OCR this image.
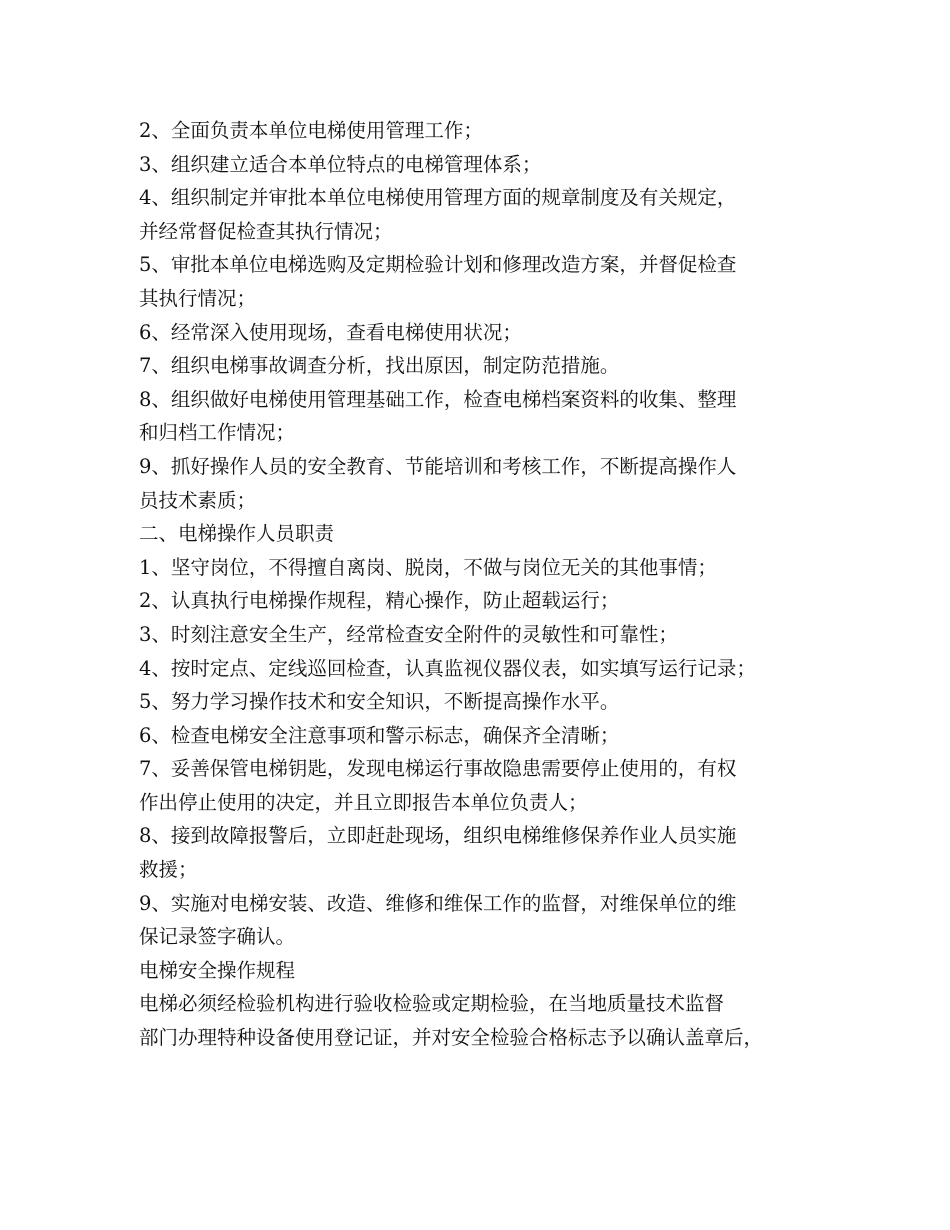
2、全面负责本单位电梯使用管理工作；
3、组织建立适合本单位特点的电梯管理体系；
4、组织制定并审批本单位电梯使用管理方面的规章制度及有关规定，
并经常督促检查其执行情况；
5、审批本单位电梯选购及定期检验计划和修理改造方案，并督促检查
其执行情况；
6、经常深入使用现场，查看电梯使用状况；
7、组织电梯事故调查分析，找出原因，制定防范措施。
8、组织做好电梯使用管理基础工作，检查电梯档案资料的收集、整理
和归档工作情况；
9、抓好操作人员的安全教育、节能培训和考核工作，不断提高操作人
员技术素质；
二、电梯操作人员职责
1、坚守岗位，不得擅自离岗、脱岗，不做与岗位无关的其他事情；
2、认真执行电梯操作规程，精心操作，防止超载运行；
3、时刻注意安全生产，经常检查安全附件的灵敏性和可靠性；
4、按时定点、定线巡回检查，认真监视仪器仪表，如实填写运行记录；
5、努力学习操作技术和安全知识，不断提高操作水平。
6、检查电梯安全注意事项和警示标志，确保齐全清晰；
7、妥善保管电梯钥匙，发现电梯运行事故隐患需要停止使用的，有权
作出停止使用的决定，并且立即报告本单位负责人；
8、接到故障报警后，立即赶赴现场，组织电梯维修保养作业人员实施
救援；
9、实施对电梯安装、改造、维修和维保工作的监督，对维保单位的维
保记录签字确认。
电梯安全操作规程
电梯必须经检验机构进行验收检验或定期检验，在当地质量技术监督
部门办理特种设备使用登记证，并对安全检验合格标志予以确认盖章后，
